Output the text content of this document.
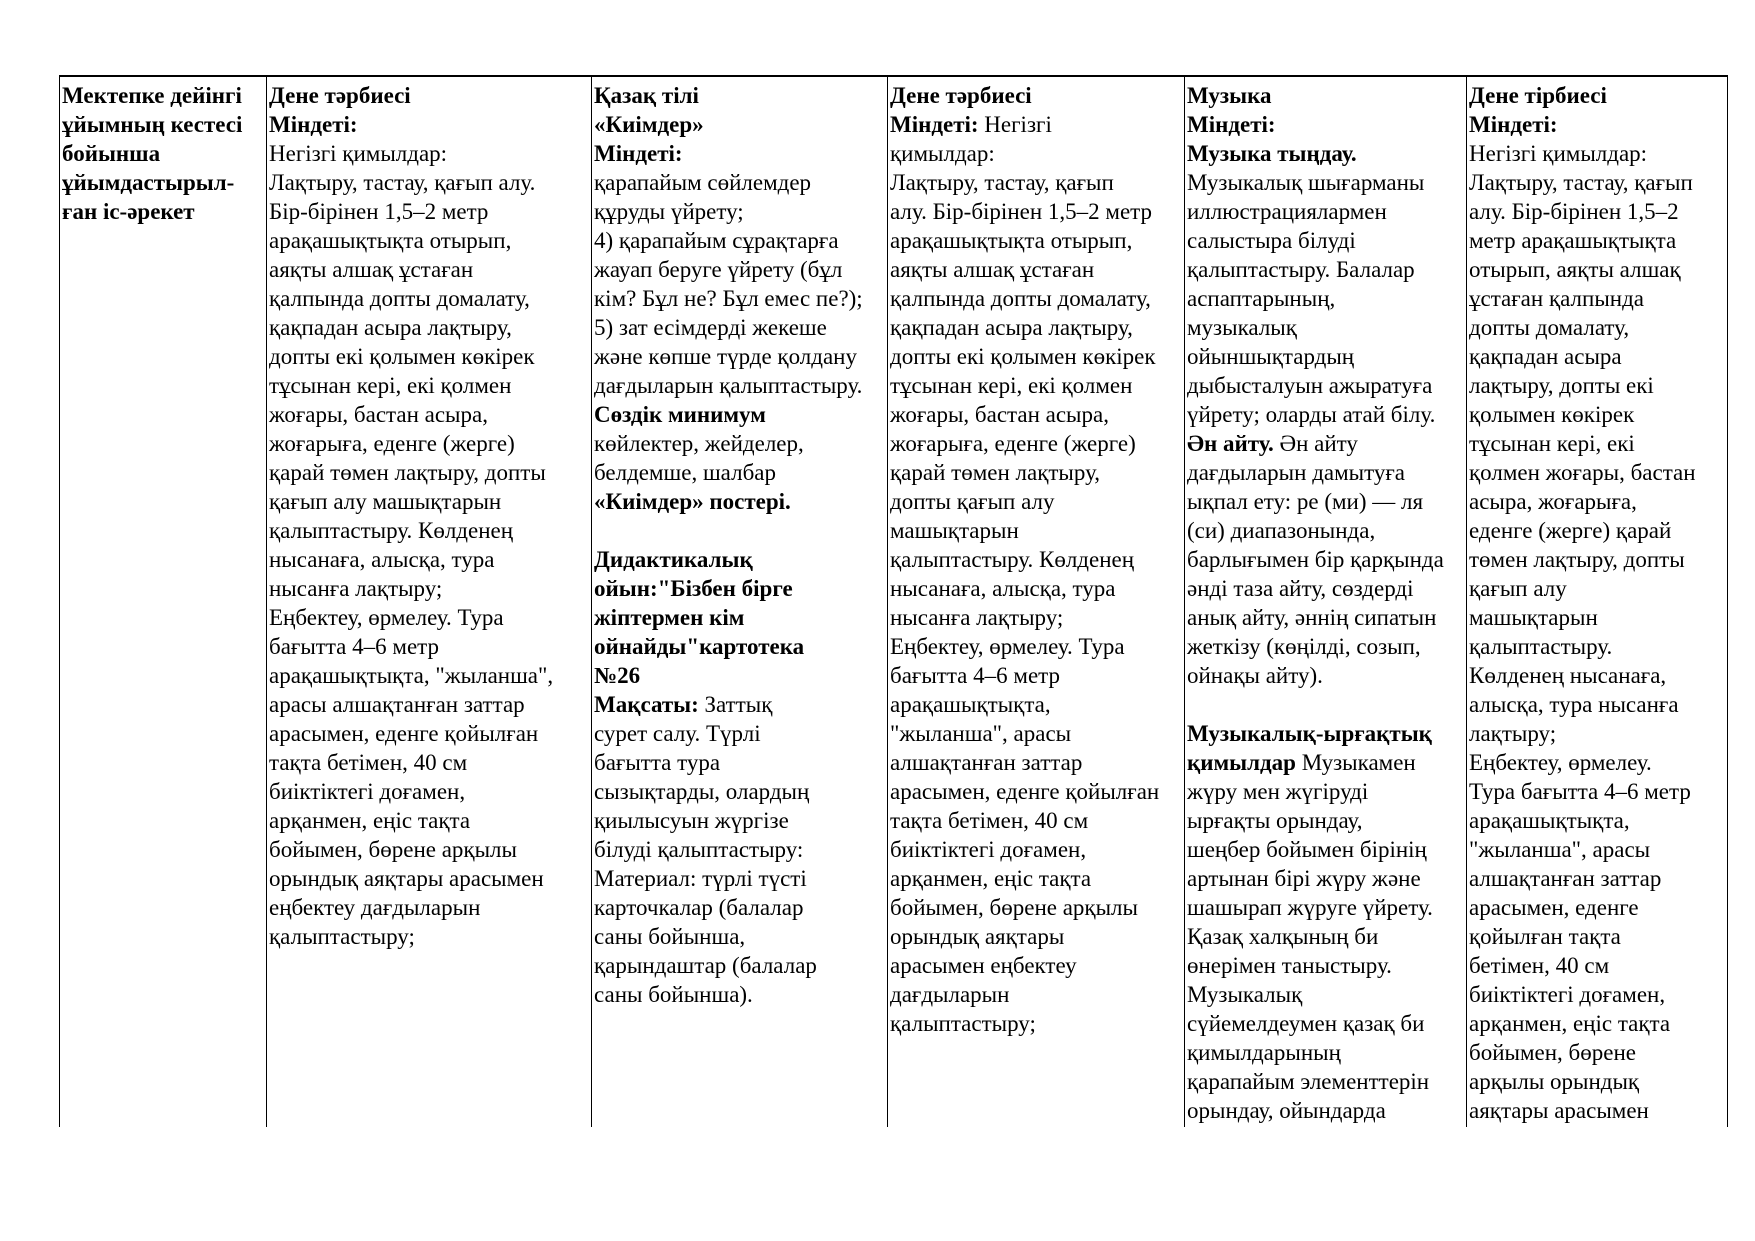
Мектепке дейінгі

ұйымның кестесі

бойынша

ұйымдастырыл-

ған іс-әрекет

Дене тәрбиесі

Міндеті:

Негізгі қимылдар:

Лақтыру, тастау, қағып алу.

Бір-бірінен 1,5–2 метр

арақашықтықта отырып,

аяқты алшақ ұстаған

қалпында допты домалату,

қақпадан асыра лақтыру,

допты екі қолымен көкірек

тұсынан кері, екі қолмен

жоғары, бастан асыра,

жоғарыға, еденге (жерге)

қарай төмен лақтыру, допты

қағып алу машықтарын

қалыптастыру. Көлденең

нысанаға, алысқа, тура

нысанға лақтыру;

Еңбектеу, өрмелеу. Тура

бағытта 4–6 метр

арақашықтықта, "жыланша",

арасы алшақтанған заттар

арасымен, еденге қойылған

тақта бетімен, 40 см

биіктіктегі доғамен,

арқанмен, еңіс тақта

бойымен, бөрене арқылы

орындық аяқтары арасымен

еңбектеу дағдыларын

қалыптастыру;

Қазақ тілі

«Киімдер»

Міндеті:

қарапайым сөйлемдер

құруды үйрету;

4) қарапайым сұрақтарға

жауап беруге үйрету (бұл

кім? Бұл не? Бұл емес пе?);

5) зат есімдерді жекеше

және көпше түрде қолдану

дағдыларын қалыптастыру.

Сөздік минимум

көйлектер, жейделер,

белдемше, шалбар

«Киімдер» постері.

Дидактикалық

ойын:"Бізбен бірге

жіптермен кім

ойнайды"картотека

№26

Мақсаты: Заттық

сурет салу. Түрлі

бағытта тура

сызықтарды, олардың

қиылысуын жүргізе

білуді қалыптастыру:

Материал: түрлі түсті

карточкалар (балалар

саны бойынша,

қарындаштар (балалар

саны бойынша).

Дене тәрбиесі

Міндеті: Негізгі

қимылдар:

Лақтыру, тастау, қағып

алу. Бір-бірінен 1,5–2 метр

арақашықтықта отырып,

аяқты алшақ ұстаған

қалпында допты домалату,

қақпадан асыра лақтыру,

допты екі қолымен көкірек

тұсынан кері, екі қолмен

жоғары, бастан асыра,

жоғарыға, еденге (жерге)

қарай төмен лақтыру,

допты қағып алу

машықтарын

қалыптастыру. Көлденең

нысанаға, алысқа, тура

нысанға лақтыру;

Еңбектеу, өрмелеу. Тура

бағытта 4–6 метр

арақашықтықта,

"жыланша", арасы

алшақтанған заттар

арасымен, еденге қойылған

тақта бетімен, 40 см

биіктіктегі доғамен,

арқанмен, еңіс тақта

бойымен, бөрене арқылы

орындық аяқтары

арасымен еңбектеу

дағдыларын

қалыптастыру;

Музыка

Міндеті:

Музыка тыңдау.

Музыкалық шығарманы

иллюстрациялармен

салыстыра білуді

қалыптастыру. Балалар

аспаптарының,

музыкалық

ойыншықтардың

дыбысталуын ажыратуға

үйрету; оларды атай білу.

Ән айту. Ән айту

дағдыларын дамытуға

ықпал ету: ре (ми) — ля

(си) диапазонында,

барлығымен бір қарқында

әнді таза айту, сөздерді

анық айту, әннің сипатын

жеткізу (көңілді, созып,

ойнақы айту).

Музыкалық-ырғақтық

қимылдар Музыкамен

жүру мен жүгіруді

ырғақты орындау,

шеңбер бойымен бірінің

артынан бірі жүру және

шашырап жүруге үйрету.

Қазақ халқының би

өнерімен таныстыру.

Музыкалық

сүйемелдеумен қазақ би

қимылдарының

қарапайым элементтерін

орындау, ойындарда

Дене тірбиесі

Міндеті:

Негізгі қимылдар:

Лақтыру, тастау, қағып

алу. Бір-бірінен 1,5–2

метр арақашықтықта

отырып, аяқты алшақ

ұстаған қалпында

допты домалату,

қақпадан асыра

лақтыру, допты екі

қолымен көкірек

тұсынан кері, екі

қолмен жоғары, бастан

асыра, жоғарыға,

еденге (жерге) қарай

төмен лақтыру, допты

қағып алу

машықтарын

қалыптастыру.

Көлденең нысанаға,

алысқа, тура нысанға

лақтыру;

Еңбектеу, өрмелеу.

Тура бағытта 4–6 метр

арақашықтықта,

"жыланша", арасы

алшақтанған заттар

арасымен, еденге

қойылған тақта

бетімен, 40 см

биіктіктегі доғамен,

арқанмен, еңіс тақта

бойымен, бөрене

арқылы орындық

аяқтары арасымен
